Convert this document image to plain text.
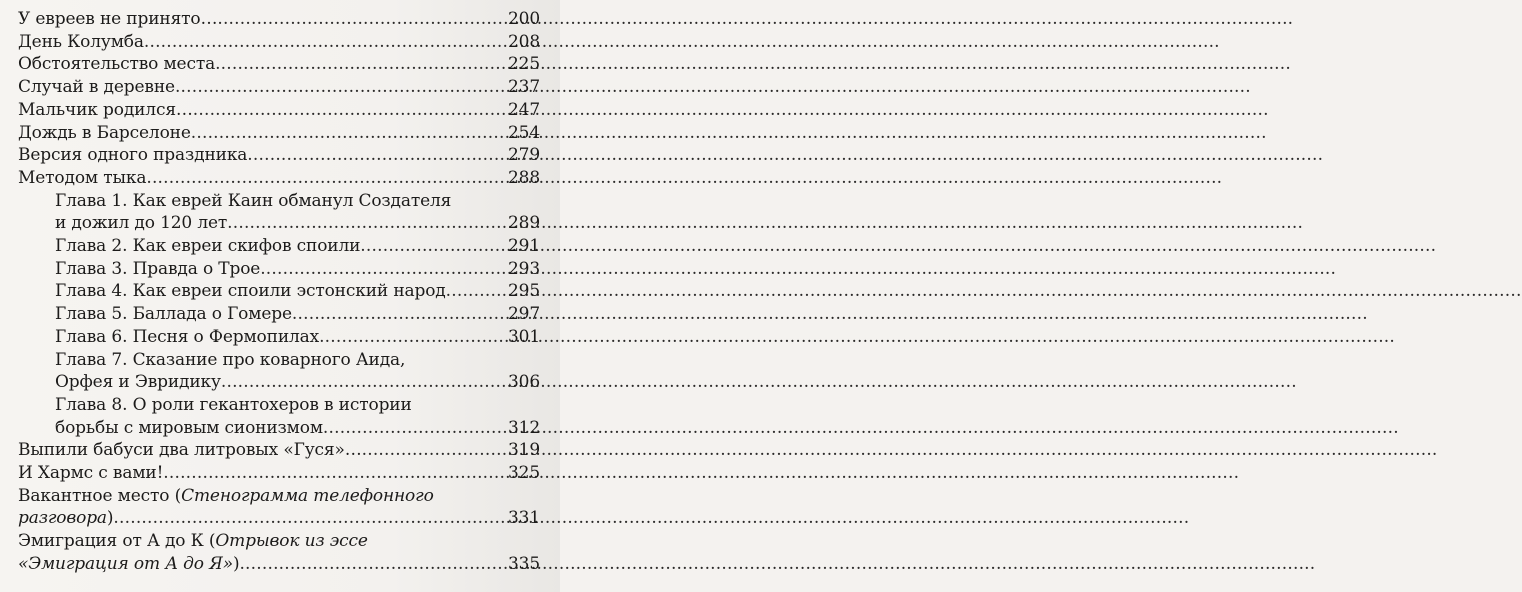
У евреев не принято… .....	200
День Колумба .....	208
Обстоятельство места .....	225
Случай в деревне .....	237
Мальчик родился… .....	247
Дождь в Барселоне .....	254
Версия одного праздника .....	279
Методом тыка .....	288
Глава 1. Как еврей Каин обманул Создателя
и дожил до 120 лет .....	289
Глава 2. Как евреи скифов споили .....	291
Глава 3. Правда о Трое .....	293
Глава 4. Как евреи споили эстонский народ .....	295
Глава 5. Баллада о Гомере .....	297
Глава 6. Песня о Фермопилах .....	301
Глава 7. Сказание про коварного Аида,
Орфея и Эвридику .....	306
Глава 8. О роли гекантохеров в истории
борьбы с мировым сионизмом .....	312
Выпили бабуси два литровых «Гуся»… .....	319
И Хармс с вами! .....	325
Вакантное место (Стенограмма телефонного
разговора) .....	331
Эмиграция от А до К (Отрывок из эссе
«Эмиграция от А до Я») .....	335
